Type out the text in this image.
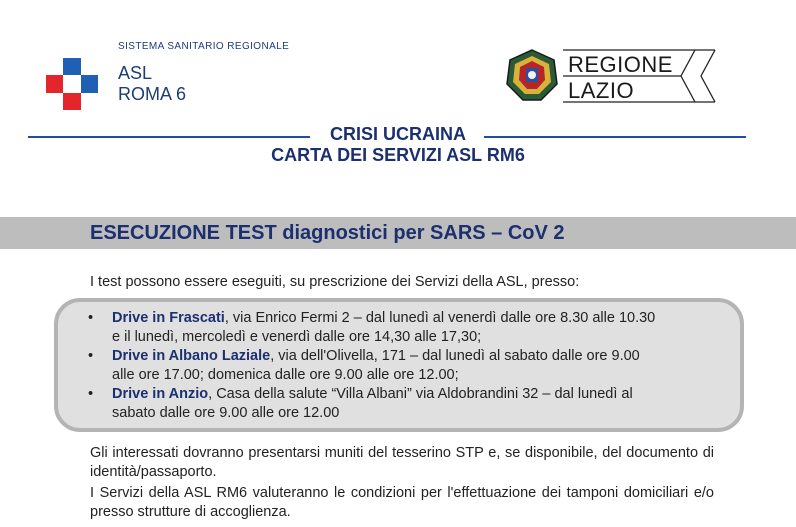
SISTEMA SANITARIO REGIONALE
ASL
ROMA 6
REGIONE
LAZIO
CRISI UCRAINA
CARTA DEI SERVIZI ASL RM6
ESECUZIONE TEST diagnostici per SARS – CoV 2
I test possono essere eseguiti, su prescrizione dei Servizi della ASL, presso:
• Drive in Frascati, via Enrico Fermi 2 – dal lunedì al venerdì dalle ore 8.30 alle 10.30
e il lunedì, mercoledì e venerdì dalle ore 14,30 alle 17,30;
• Drive in Albano Laziale, via dell'Olivella, 171 – dal lunedì al sabato dalle ore 9.00
alle ore 17.00; domenica dalle ore 9.00 alle ore 12.00;
• Drive in Anzio, Casa della salute “Villa Albani” via Aldobrandini 32 – dal lunedì al
sabato dalle ore 9.00 alle ore 12.00
Gli interessati dovranno presentarsi muniti del tesserino STP e, se disponibile, del documento di identità/passaporto.
I Servizi della ASL RM6 valuteranno le condizioni per l'effettuazione dei tamponi domiciliari e/o presso strutture di accoglienza.
